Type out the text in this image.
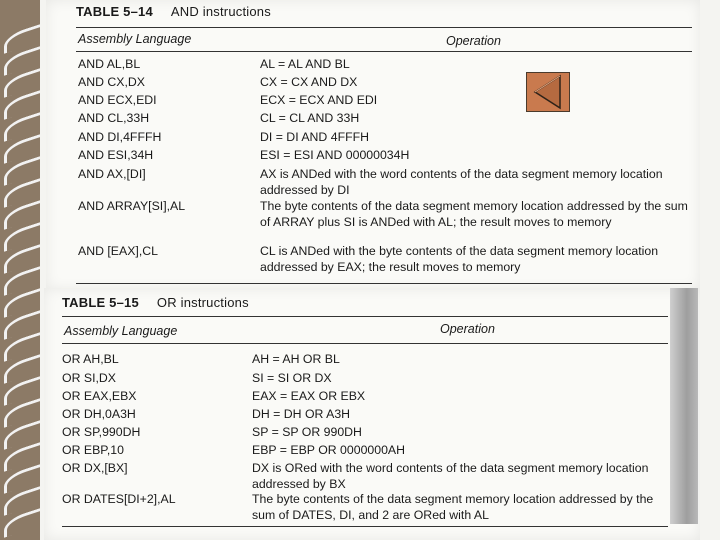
TABLE 5–14 AND instructions
Assembly Language	Operation
AND AL,BL	AL = AL AND BL
AND CX,DX	CX = CX AND DX
AND ECX,EDI	ECX = ECX AND EDI
AND CL,33H	CL = CL AND 33H
AND DI,4FFFH	DI = DI AND 4FFFH
AND ESI,34H	ESI = ESI AND 00000034H
AND AX,[DI]	AX is ANDed with the word contents of the data segment memory location addressed by DI
AND ARRAY[SI],AL	The byte contents of the data segment memory location addressed by the sum of ARRAY plus SI is ANDed with AL; the result moves to memory
AND [EAX],CL	CL is ANDed with the byte contents of the data segment memory location addressed by EAX; the result moves to memory
TABLE 5–15 OR instructions
Assembly Language	Operation
OR AH,BL	AH = AH OR BL
OR SI,DX	SI = SI OR DX
OR EAX,EBX	EAX = EAX OR EBX
OR DH,0A3H	DH = DH OR A3H
OR SP,990DH	SP = SP OR 990DH
OR EBP,10	EBP = EBP OR 0000000AH
OR DX,[BX]	DX is ORed with the word contents of the data segment memory location addressed by BX
OR DATES[DI+2],AL	The byte contents of the data segment memory location addressed by the sum of DATES, DI, and 2 are ORed with AL
